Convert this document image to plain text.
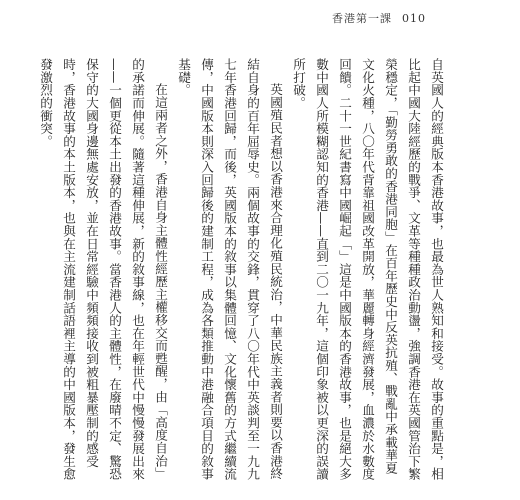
香港第一課 010

自英國人的經典版本香港故事，也最為世人熟知和接受。故事的重點是，相比起中國大陸經歷的戰爭、文革等種種政治動盪，強調香港在英國管治下繁榮穩定，「勤勞勇敢的香港同胞」在百年歷史中反英抗殖、戰亂中承載華夏文化火種，八〇年代背靠祖國改革開放，華麗轉身經濟發展，血濃於水數度回饋。二十一世紀書寫中國崛起「」這是中國版本的香港故事，也是絕大多數中國人所模糊認知的香港——直到二〇一九年，這個印象被以更深的誤讀所打破。

英國殖民者想以香港來合理化殖民統治，中華民族主義者則要以香港終結自身的百年屈辱史。兩個故事的交鋒，貫穿了八〇年代中英談判至一九九七年香港回歸，而後，英國版本的敘事以集體回憶、文化懷舊的方式繼續流傳，中國版本則深入回歸後的建制工程，成為各類推動中港融合項目的敘事基礎。

在這兩者之外，香港自身主體性經歷主權移交而甦醒，由「高度自治」的承諾而伸展。隨著這種伸展，新的敘事線，也在年輕世代中慢慢發展出來——一個更從本土出發的香港故事。當香港人的主體性，在廢晴不定、驚恐保守的大國身邊無處安放，並在日常經驗中頻頻接收到被粗暴壓制的感受時，香港故事的本土版本，也與在主流建制話語裡主導的中國版本，發生愈發激烈的衝突。
